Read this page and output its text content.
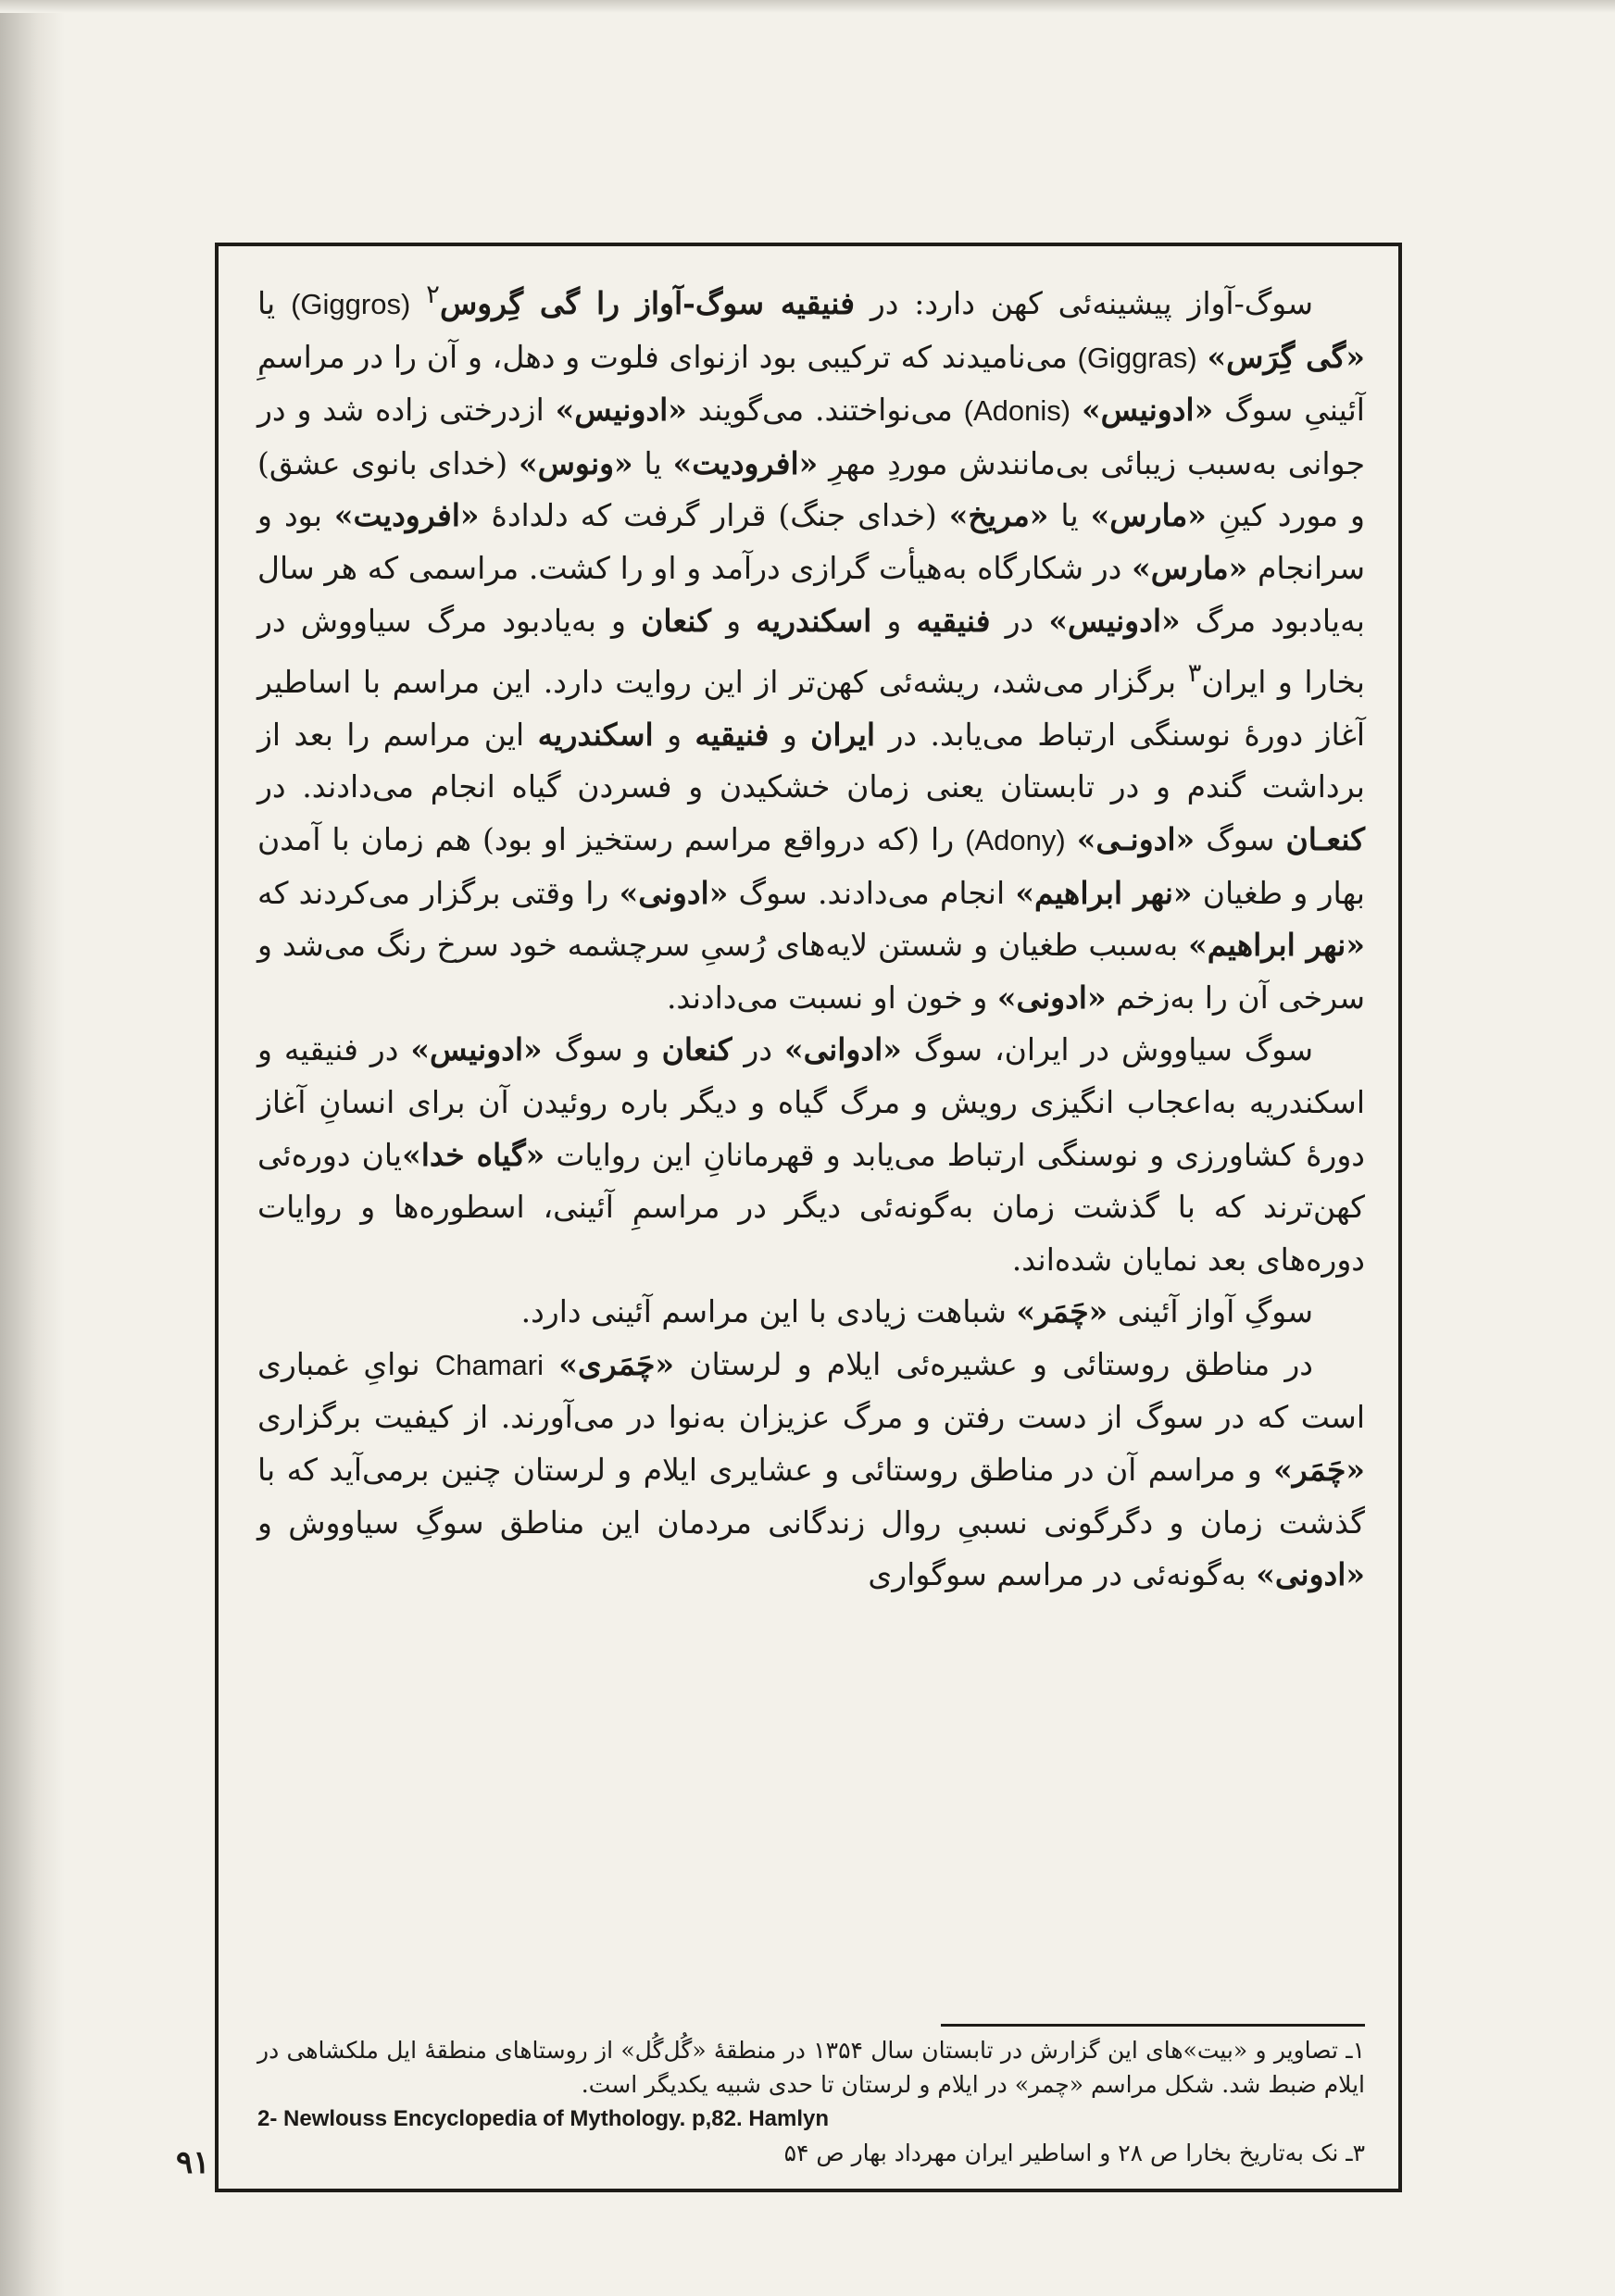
سوگ-آواز پیشینه‌ئی کهن دارد: در فنیقیه سوگ-آواز را گی گِروس$^۲$ (Giggros) یا «گی گِرَس» (Giggras) می‌نامیدند که ترکیبی بود ازنوای فلوت و دهل، و آن را در مراسمِ آئینیِ سوگ «ادونیس» (Adonis) می‌نواختند. می‌گویند «ادونیس» ازدرختی زاده شد و در جوانی به‌سبب زیبائی بی‌مانندش موردِ مهرِ «افرودیت» یا «ونوس» (خدای بانوی عشق) و مورد کینِ «مارس» یا «مریخ» (خدای جنگ) قرار گرفت که دلدادهٔ «افرودیت» بود و سرانجام «مارس» در شکارگاه به‌هیأت گرازی درآمد و او را کشت. مراسمی که هر سال به‌یادبود مرگ «ادونیس» در فنیقیه و اسکندریه و کنعان و به‌یادبود مرگ سیاووش در بخارا و ایران$^۳$ برگزار می‌شد، ریشه‌ئی کهن‌تر از این روایت دارد. این مراسم با اساطیر آغاز دورهٔ نوسنگی ارتباط می‌یابد. در ایران و فنیقیه و اسکندریه این مراسم را بعد از برداشت گندم و در تابستان یعنی زمان خشکیدن و فسردن گیاه انجام می‌دادند. در کنعـان سوگ «ادونـی» (Adony) را (که درواقع مراسم رستخیز او بود) هم زمان با آمدن بهار و طغیان «نهر ابراهیم» انجام می‌دادند. سوگ «ادونی» را وقتی برگزار می‌کردند که «نهر ابراهیم» به‌سبب طغیان و شستن لایه‌های رُسیِ سرچشمه خود سرخ رنگ می‌شد و سرخی آن را به‌زخم «ادونی» و خون او نسبت می‌دادند.

سوگ سیاووش در ایران، سوگ «ادوانی» در کنعان و سوگ «ادونیس» در فنیقیه و اسکندریه به‌اعجاب انگیزی رویش و مرگ گیاه و دیگر باره روئیدن آن برای انسانِ آغاز دورهٔ کشاورزی و نوسنگی ارتباط می‌یابد و قهرمانانِ این روایات «گیاه خدا»یان دوره‌ئی کهن‌ترند که با گذشت زمان به‌گونه‌ئی دیگر در مراسمِ آئینی، اسطوره‌ها و روایات دوره‌های بعد نمایان شده‌اند.

سوگِ آواز آئینی «چَمَر» شباهت زیادی با این مراسم آئینی دارد.

در مناطق روستائی و عشیره‌ئی ایلام و لرستان «چَمَری» Chamari نوایِ غمباری است که در سوگ از دست رفتن و مرگ عزیزان به‌نوا در می‌آورند. از کیفیت برگزاری «چَمَر» و مراسم آن در مناطق روستائی و عشایری ایلام و لرستان چنین برمی‌آید که با گذشت زمان و دگرگونی نسبیِ روال زندگانی مردمان این مناطق سوگِ سیاووش و «ادونی» به‌گونه‌ئی در مراسم سوگواری

۱ـ تصاویر و «بیت»های این گزارش در تابستان سال ۱۳۵۴ در منطقهٔ «گُل‌گُل» از روستاهای منطقهٔ ایل ملکشاهی در ایلام ضبط شد. شکل مراسم «چمر» در ایلام و لرستان تا حدی شبیه یکدیگر است.

2- Newlouss Encyclopedia of Mythology. p,82. Hamlyn

۳ـ نک به‌تاریخ بخارا ص ۲۸ و اساطیر ایران مهرداد بهار ص ۵۴

۹۱
